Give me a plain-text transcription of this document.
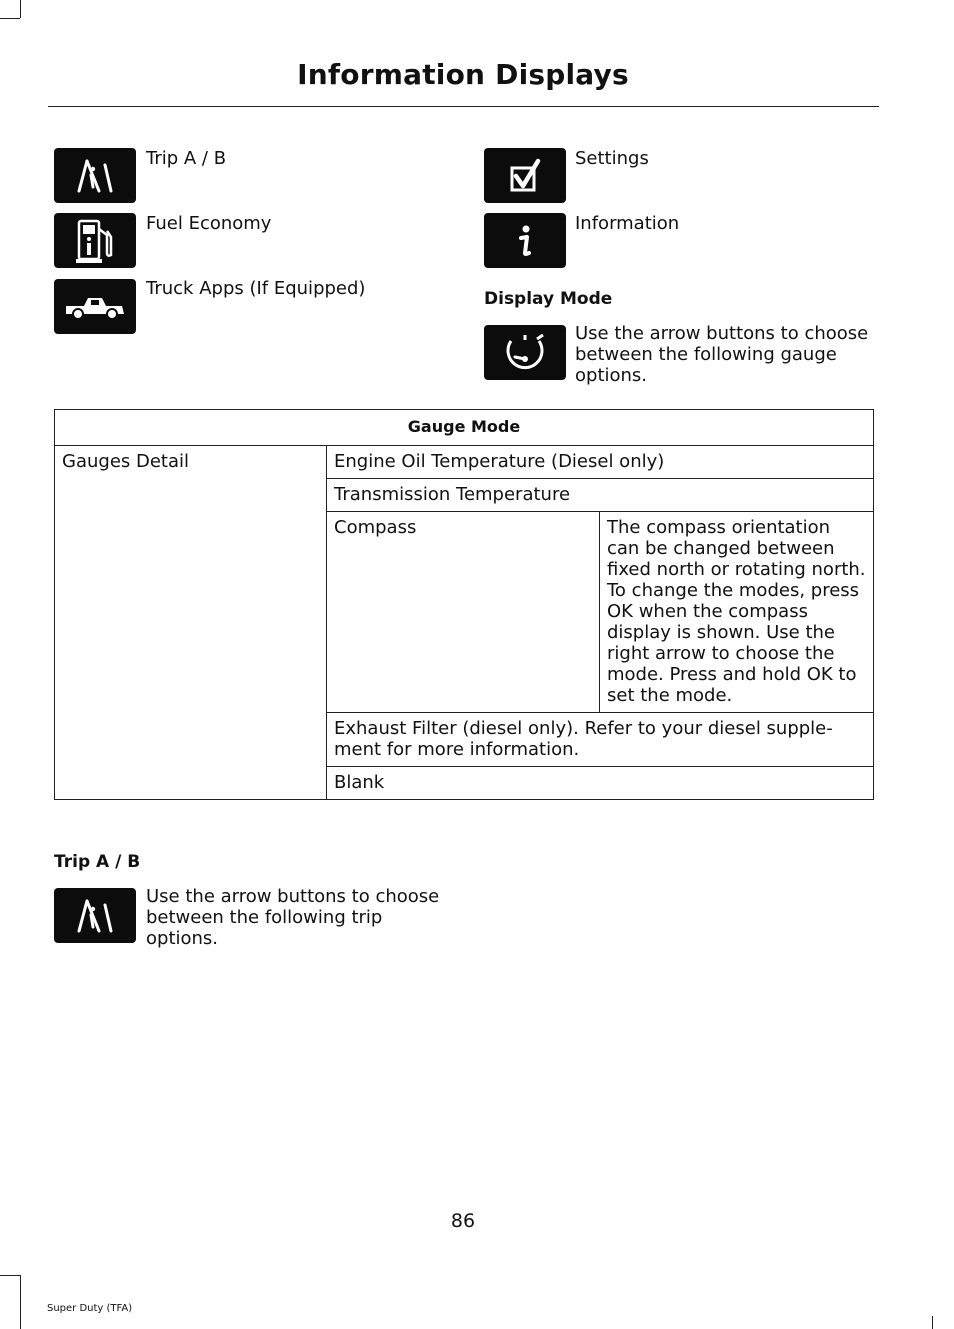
Information Displays
Trip A / B
Fuel Economy
Truck Apps (If Equipped)
Settings
Information
Display Mode
Use the arrow buttons to choose between the following gauge options.
Gauge Mode		
Gauges Detail	Engine Oil Temperature (Diesel only)	
	Transmission Temperature	
	Compass	The compass orientation can be changed between fixed north or rotating north. To change the modes, press OK when the compass display is shown. Use the right arrow to choose the mode. Press and hold OK to set the mode.
	Exhaust Filter (diesel only). Refer to your diesel supple-ment for more information.	
	Blank	
Trip A / B
Use the arrow buttons to choose between the following trip options.
86
Super Duty (TFA)
